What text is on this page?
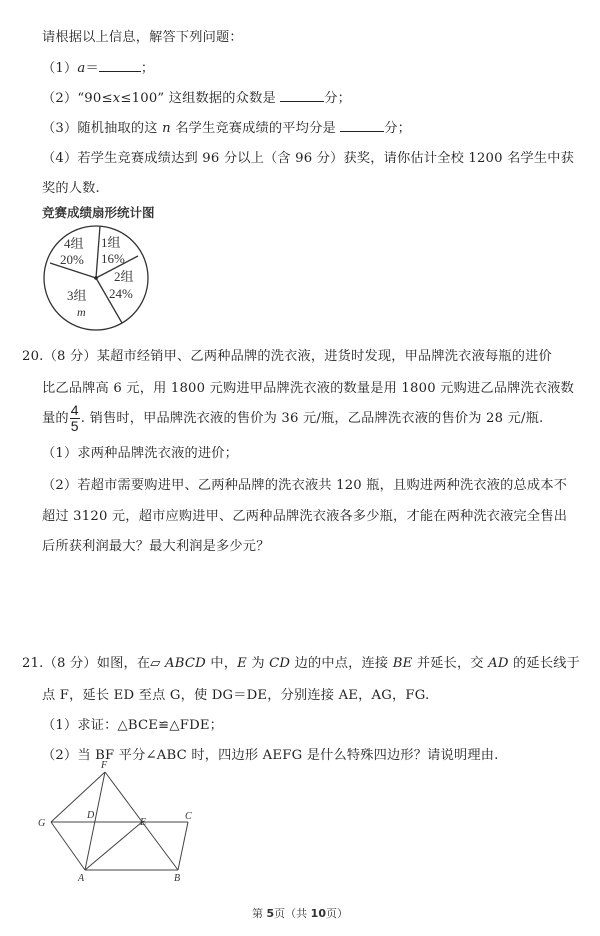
请根据以上信息，解答下列问题：
（1）a＝	；
（2）“90≤x≤100” 这组数据的众数是	分；
（3）随机抽取的这 n 名学生竞赛成绩的平均分是	分；
（4）若学生竞赛成绩达到 96 分以上（含 96 分）获奖，请你估计全校 1200 名学生中获
奖的人数.
竞赛成绩扇形统计图
1组
16%
2组
24%
3组
m
4组
20%
20.（8 分）某超市经销甲、乙两种品牌的洗衣液，进货时发现，甲品牌洗衣液每瓶的进价
比乙品牌高 6 元，用 1800 元购进甲品牌洗衣液的数量是用 1800 元购进乙品牌洗衣液数
量的 $\frac{4}{5}$ . 销售时，甲品牌洗衣液的售价为 36 元/瓶，乙品牌洗衣液的售价为 28 元/瓶.
（1）求两种品牌洗衣液的进价；
（2）若超市需要购进甲、乙两种品牌的洗衣液共 120 瓶，且购进两种洗衣液的总成本不
超过 3120 元，超市应购进甲、乙两种品牌洗衣液各多少瓶，才能在两种洗衣液完全售出
后所获利润最大？最大利润是多少元？
21.（8 分）如图，在▱ ABCD 中，E 为 CD 边的中点，连接 BE 并延长，交 AD 的延长线于
点 F，延长 ED 至点 G，使 DG＝DE，分别连接 AE，AG，FG.
（1）求证：△BCE≌△FDE；
（2）当 BF 平分∠ABC 时，四边形 AEFG 是什么特殊四边形？请说明理由.
F
G
D
E
C
A	B
第 5页（共 10页）
